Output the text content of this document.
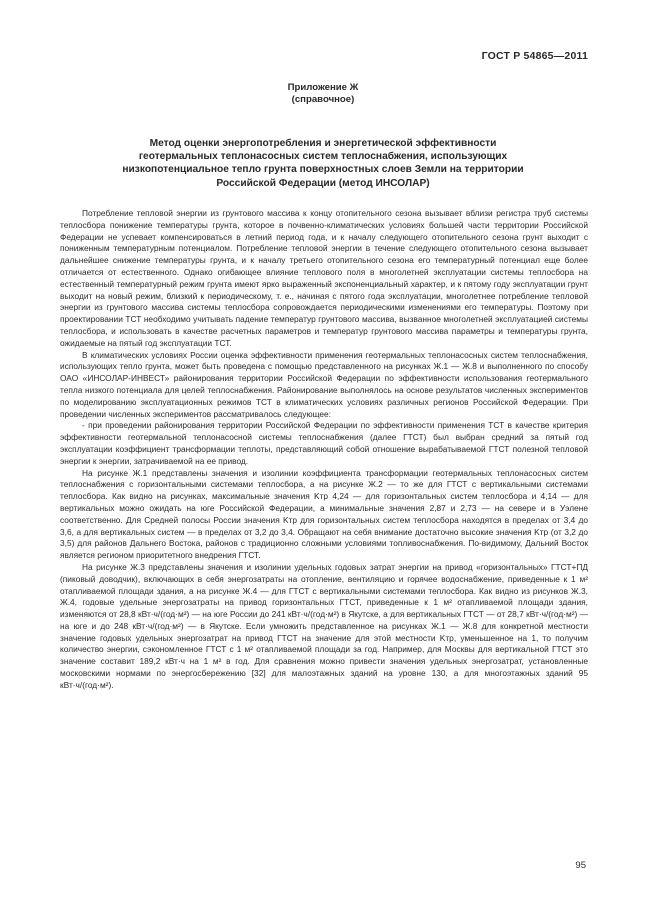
ГОСТ Р 54865—2011
Приложение Ж
(справочное)
Метод оценки энергопотребления и энергетической эффективности
геотермальных теплонасосных систем теплоснабжения, использующих
низкопотенциальное тепло грунта поверхностных слоев Земли на территории
Российской Федерации (метод ИНСОЛАР)

Потребление тепловой энергии из грунтового массива к концу отопительного сезона вызывает вблизи регистра труб системы теплосбора понижение температуры грунта, которое в почвенно-климатических условиях большей части территории Российской Федерации не успевает компенсироваться в летний период года, и к началу следующего отопительного сезона грунт выходит с пониженным температурным потенциалом. Потребление тепловой энергии в течение следующего отопительного сезона вызывает дальнейшее снижение температуры грунта, и к началу третьего отопительного сезона его температурный потенциал еще более отличается от естественного. Однако огибающее влияние теплового поля в многолетней эксплуатации системы теплосбора на естественный температурный режим грунта имеют ярко выраженный экспоненциальный характер, и к пятому году эксплуатации грунт выходит на новый режим, близкий к периодическому, т. е., начиная с пятого года эксплуатации, многолетнее потребление тепловой энергии из грунтового массива системы теплосбора сопровождается периодическими изменениями его температуры. Поэтому при проектировании ТСТ необходимо учитывать падение температур грунтового массива, вызванное многолетней эксплуатацией системы теплосбора, и использовать в качестве расчетных параметров и температур грунтового массива параметры и температуры грунта, ожидаемые на пятый год эксплуатации ТСТ.

В климатических условиях России оценка эффективности применения геотермальных теплонасосных систем теплоснабжения, использующих тепло грунта, может быть проведена с помощью представленного на рисунках Ж.1 — Ж.8 и выполненного по способу ОАО «ИНСОЛАР-ИНВЕСТ» районирования территории Российской Федерации по эффективности использования геотермального тепла низкого потенциала для целей теплоснабжения. Районирование выполнялось на основе результатов численных экспериментов по моделированию эксплуатационных режимов ТСТ в климатических условиях различных регионов Российской Федерации. При проведении численных экспериментов рассматривалось следующее:

- при проведении районирования территории Российской Федерации по эффективности применения ТСТ в качестве критерия эффективности геотермальной теплонасосной системы теплоснабжения (далее ГТСТ) был выбран средний за пятый год эксплуатации коэффициент трансформации теплоты, представляющий собой отношение вырабатываемой ГТСТ полезной тепловой энергии к энергии, затрачиваемой на ее привод.

На рисунке Ж.1 представлены значения и изолинии коэффициента трансформации геотермальных теплонасосных систем теплоснабжения с горизонтальными системами теплосбора, а на рисунке Ж.2 — то же для ГТСТ с вертикальными системами теплосбора. Как видно на рисунках, максимальные значения Kтр 4,24 — для горизонтальных систем теплосбора и 4,14 — для вертикальных можно ожидать на юге Российской Федерации, а минимальные значения 2,87 и 2,73 — на севере и в Уэлене соответственно. Для Средней полосы России значения Kтр для горизонтальных систем теплосбора находятся в пределах от 3,4 до 3,6, а для вертикальных систем — в пределах от 3,2 до 3,4. Обращают на себя внимание достаточно высокие значения Kтр (от 3,2 до 3,5) для районов Дальнего Востока, районов с традиционно сложными условиями топливоснабжения. По-видимому, Дальний Восток является регионом приоритетного внедрения ГТСТ.

На рисунке Ж.3 представлены значения и изолинии удельных годовых затрат энергии на привод «горизонтальных» ГТСТ+ПД (пиковый доводчик), включающих в себя энергозатраты на отопление, вентиляцию и горячее водоснабжение, приведенные к 1 м² отапливаемой площади здания, а на рисунке Ж.4 — для ГТСТ с вертикальными системами теплосбора. Как видно из рисунков Ж.3, Ж.4, годовые удельные энергозатраты на привод горизонтальных ГТСТ, приведенные к 1 м² отапливаемой площади здания, изменяются от 28,8 кВт·ч/(год·м²) — на юге России до 241 кВт·ч/(год·м²) в Якутске, а для вертикальных ГТСТ — от 28,7 кВт·ч/(год·м²) — на юге и до 248 кВт·ч/(год·м²) — в Якутске. Если умножить представленное на рисунках Ж.1 — Ж.8 для конкретной местности значение годовых удельных энергозатрат на привод ГТСТ на значение для этой местности Kтр, уменьшенное на 1, то получим количество энергии, сэкономленное ГТСТ с 1 м² отапливаемой площади за год. Например, для Москвы для вертикальной ГТСТ это значение составит 189,2 кВт·ч на 1 м² в год. Для сравнения можно привести значения удельных энергозатрат, установленные московскими нормами по энергосбережению [32] для малоэтажных зданий на уровне 130, а для многоэтажных зданий 95 кВт·ч/(год·м²).

95
